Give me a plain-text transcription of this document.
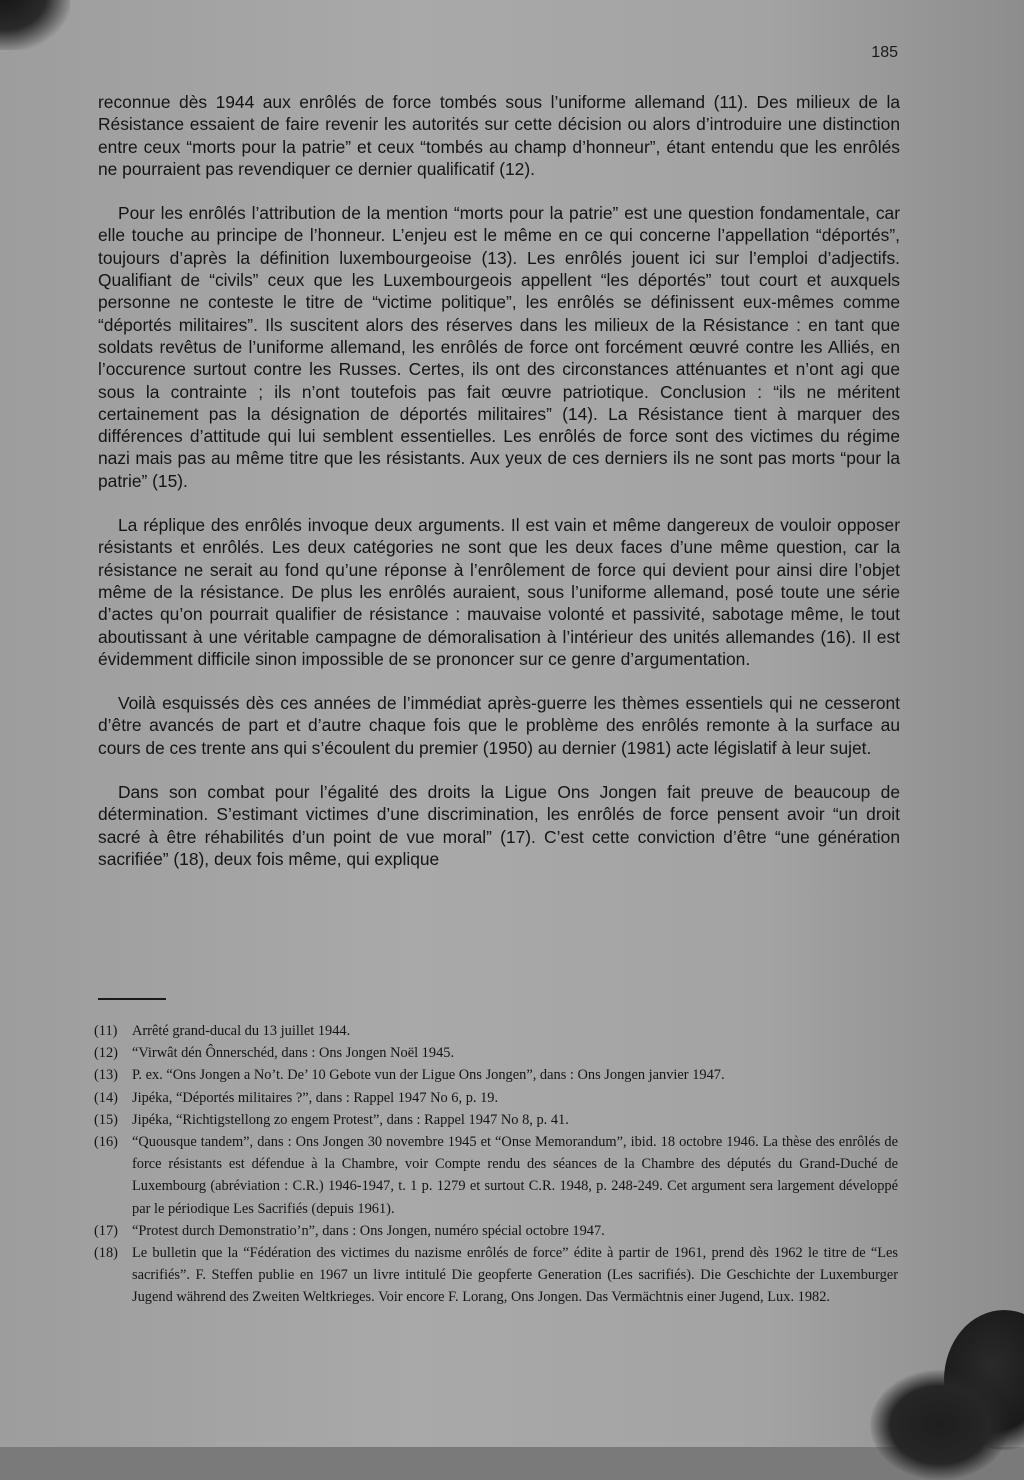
185

reconnue dès 1944 aux enrôlés de force tombés sous l’uniforme allemand (11). Des milieux de la Résistance essaient de faire revenir les autorités sur cette décision ou alors d’introduire une distinction entre ceux “morts pour la patrie” et ceux “tombés au champ d’honneur”, étant entendu que les enrôlés ne pourraient pas revendiquer ce dernier qualificatif (12).

Pour les enrôlés l’attribution de la mention “morts pour la patrie” est une question fondamentale, car elle touche au principe de l’honneur. L’enjeu est le même en ce qui concerne l’appellation “déportés”, toujours d’après la définition luxembourgeoise (13). Les enrôlés jouent ici sur l’emploi d’adjectifs. Qualifiant de “civils” ceux que les Luxembourgeois appellent “les déportés” tout court et auxquels personne ne conteste le titre de “victime politique”, les enrôlés se définissent eux-mêmes comme “déportés militaires”. Ils suscitent alors des réserves dans les milieux de la Résistance : en tant que soldats revêtus de l’uniforme allemand, les enrôlés de force ont forcément œuvré contre les Alliés, en l’occurence surtout contre les Russes. Certes, ils ont des circonstances atténuantes et n’ont agi que sous la contrainte ; ils n’ont toutefois pas fait œuvre patriotique. Conclusion : “ils ne méritent certainement pas la désignation de déportés militaires” (14). La Résistance tient à marquer des différences d’attitude qui lui semblent essentielles. Les enrôlés de force sont des victimes du régime nazi mais pas au même titre que les résistants. Aux yeux de ces derniers ils ne sont pas morts “pour la patrie” (15).

La réplique des enrôlés invoque deux arguments. Il est vain et même dangereux de vouloir opposer résistants et enrôlés. Les deux catégories ne sont que les deux faces d’une même question, car la résistance ne serait au fond qu’une réponse à l’enrôlement de force qui devient pour ainsi dire l’objet même de la résistance. De plus les enrôlés auraient, sous l’uniforme allemand, posé toute une série d’actes qu’on pourrait qualifier de résistance : mauvaise volonté et passivité, sabotage même, le tout aboutissant à une véritable campagne de démoralisation à l’intérieur des unités allemandes (16). Il est évidemment difficile sinon impossible de se prononcer sur ce genre d’argumentation.

Voilà esquissés dès ces années de l’immédiat après-guerre les thèmes essentiels qui ne cesseront d’être avancés de part et d’autre chaque fois que le problème des enrôlés remonte à la surface au cours de ces trente ans qui s’écoulent du premier (1950) au dernier (1981) acte législatif à leur sujet.

Dans son combat pour l’égalité des droits la Ligue Ons Jongen fait preuve de beaucoup de détermination. S’estimant victimes d’une discrimination, les enrôlés de force pensent avoir “un droit sacré à être réhabilités d’un point de vue moral” (17). C’est cette conviction d’être “une génération sacrifiée” (18), deux fois même, qui explique

(11)	Arrêté grand-ducal du 13 juillet 1944.
(12) “Virwât dén Ônnerschéd, dans : Ons Jongen Noël 1945.
(13) P. ex. “Ons Jongen a No’t. De’ 10 Gebote vun der Ligue Ons Jongen”, dans : Ons Jongen janvier 1947.
(14) Jipéka, “Déportés militaires ?”, dans : Rappel 1947 No 6, p. 19.
(15) Jipéka, “Richtigstellong zo engem Protest”, dans : Rappel 1947 No 8, p. 41.
(16) “Quousque tandem”, dans : Ons Jongen 30 novembre 1945 et “Onse Memorandum”, ibid. 18 octobre 1946. La thèse des enrôlés de force résistants est défendue à la Chambre, voir Compte rendu des séances de la Chambre des députés du Grand-Duché de Luxembourg (abréviation : C.R.) 1946-1947, t. 1 p. 1279 et surtout C.R. 1948, p. 248-249. Cet argument sera largement développé par le périodique Les Sacrifiés (depuis 1961).
(17) “Protest durch Demonstratio’n”, dans : Ons Jongen, numéro spécial octobre 1947.
(18) Le bulletin que la “Fédération des victimes du nazisme enrôlés de force” édite à partir de 1961, prend dès 1962 le titre de “Les sacrifiés”. F. Steffen publie en 1967 un livre intitulé Die geopferte Generation (Les sacrifiés). Die Geschichte der Luxemburger Jugend während des Zweiten Weltkrieges. Voir encore F. Lorang, Ons Jongen. Das Vermächtnis einer Jugend, Lux. 1982.
